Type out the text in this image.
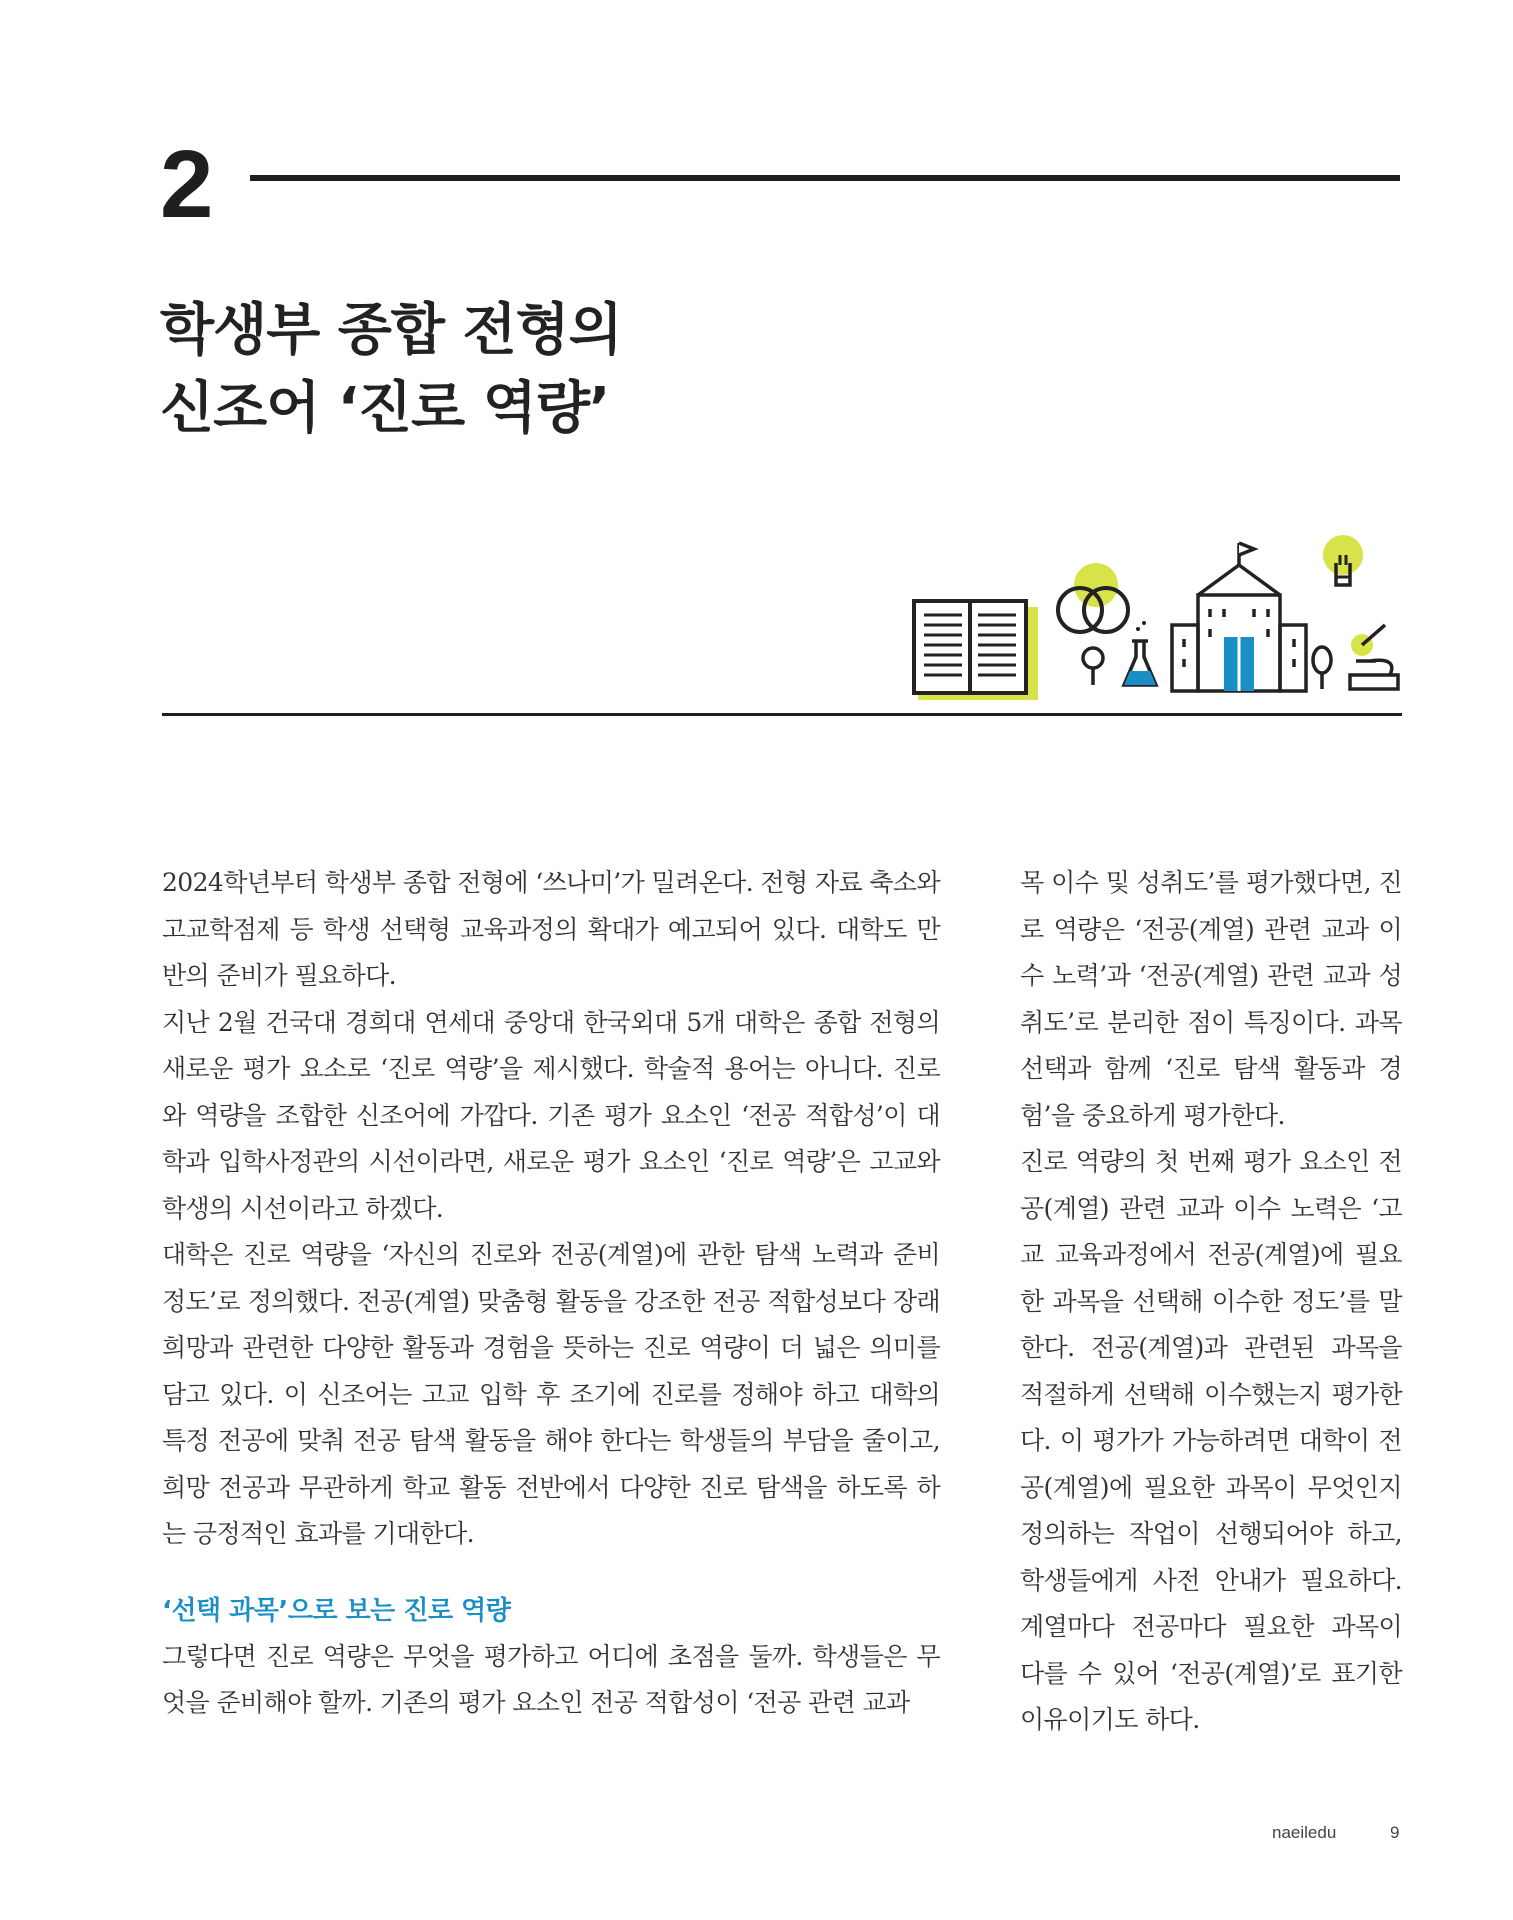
2
학생부 종합 전형의
신조어 ‘진로 역량’

2024학년부터 학생부 종합 전형에 ‘쓰나미’가 밀려온다. 전형 자료 축소와 고교학점제 등 학생 선택형 교육과정의 확대가 예고되어 있다. 대학도 만반의 준비가 필요하다.

지난 2월 건국대 경희대 연세대 중앙대 한국외대 5개 대학은 종합 전형의 새로운 평가 요소로 ‘진로 역량’을 제시했다. 학술적 용어는 아니다. 진로와 역량을 조합한 신조어에 가깝다. 기존 평가 요소인 ‘전공 적합성’이 대학과 입학사정관의 시선이라면, 새로운 평가 요소인 ‘진로 역량’은 고교와 학생의 시선이라고 하겠다.

대학은 진로 역량을 ‘자신의 진로와 전공(계열)에 관한 탐색 노력과 준비 정도’로 정의했다. 전공(계열) 맞춤형 활동을 강조한 전공 적합성보다 장래 희망과 관련한 다양한 활동과 경험을 뜻하는 진로 역량이 더 넓은 의미를 담고 있다. 이 신조어는 고교 입학 후 조기에 진로를 정해야 하고 대학의 특정 전공에 맞춰 전공 탐색 활동을 해야 한다는 학생들의 부담을 줄이고, 희망 전공과 무관하게 학교 활동 전반에서 다양한 진로 탐색을 하도록 하는 긍정적인 효과를 기대한다.

‘선택 과목’으로 보는 진로 역량

그렇다면 진로 역량은 무엇을 평가하고 어디에 초점을 둘까. 학생들은 무엇을 준비해야 할까. 기존의 평가 요소인 전공 적합성이 ‘전공 관련 교과

목 이수 및 성취도’를 평가했다면, 진로 역량은 ‘전공(계열) 관련 교과 이수 노력’과 ‘전공(계열) 관련 교과 성취도’로 분리한 점이 특징이다. 과목 선택과 함께 ‘진로 탐색 활동과 경험’을 중요하게 평가한다.

진로 역량의 첫 번째 평가 요소인 전공(계열) 관련 교과 이수 노력은 ‘고교 교육과정에서 전공(계열)에 필요한 과목을 선택해 이수한 정도’를 말한다. 전공(계열)과 관련된 과목을 적절하게 선택해 이수했는지 평가한다. 이 평가가 가능하려면 대학이 전공(계열)에 필요한 과목이 무엇인지 정의하는 작업이 선행되어야 하고, 학생들에게 사전 안내가 필요하다. 계열마다 전공마다 필요한 과목이 다를 수 있어 ‘전공(계열)’로 표기한 이유이기도 하다.

naeiledu	9
